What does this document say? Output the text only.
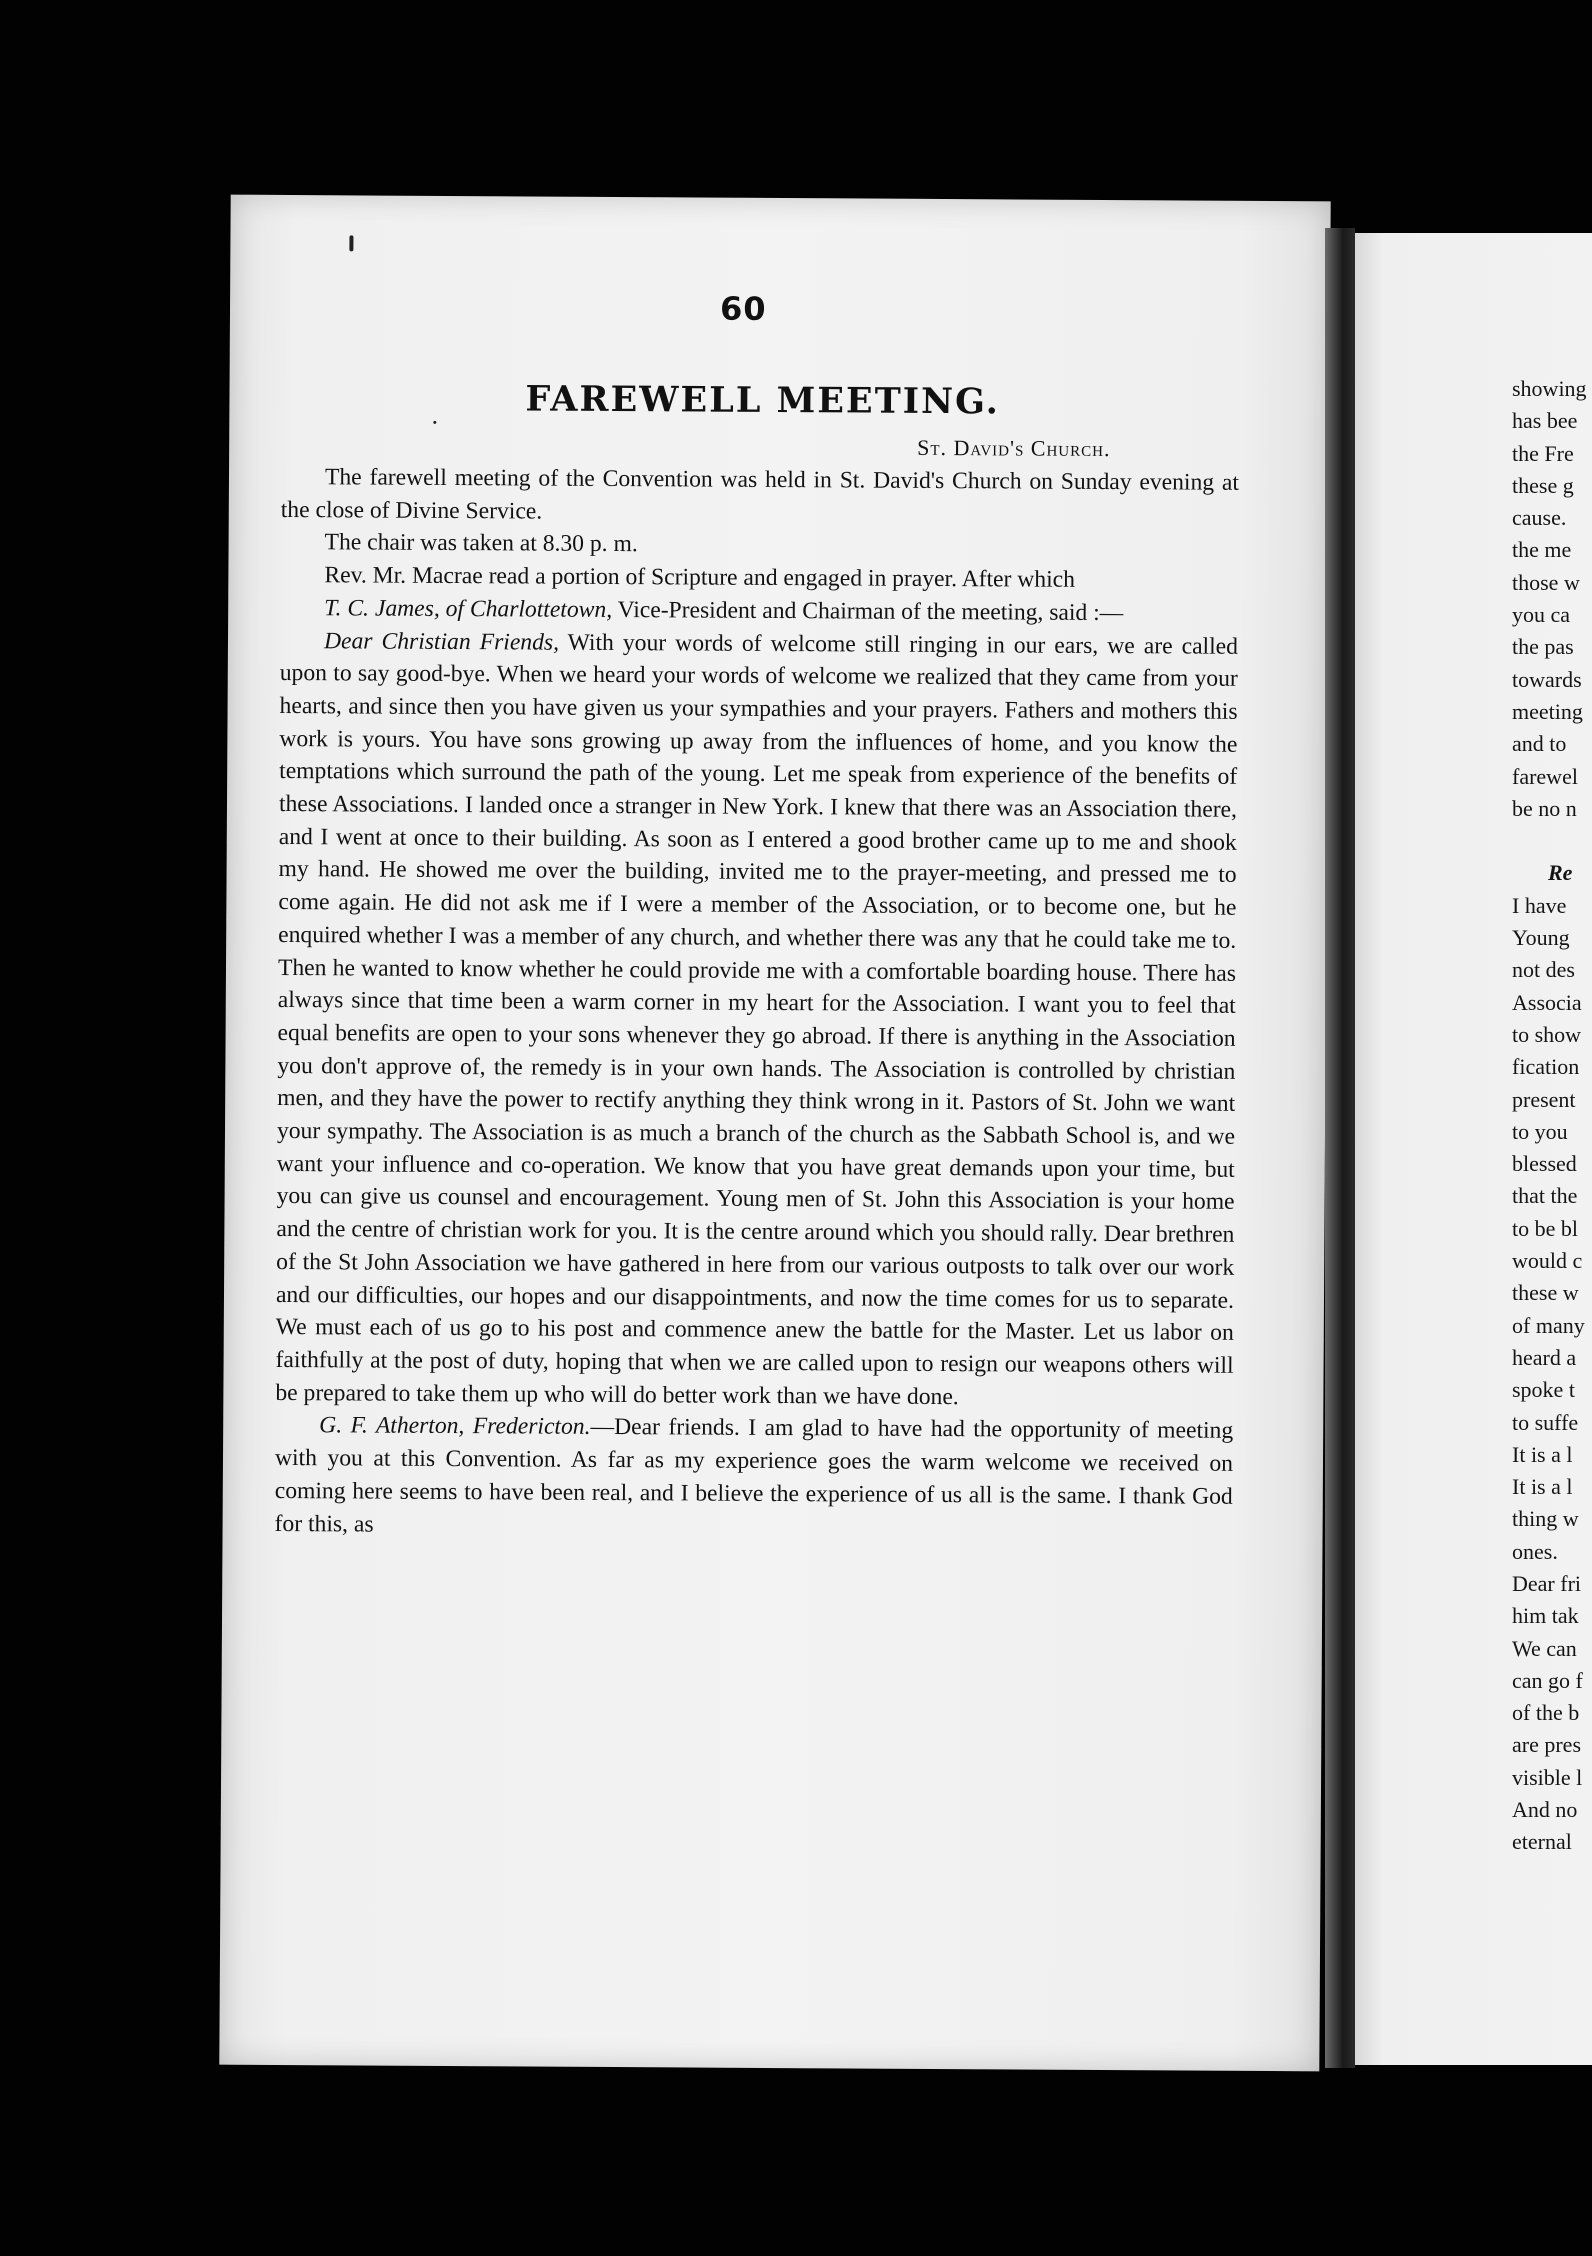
60
FAREWELL MEETING.
St. David's Church.

The farewell meeting of the Convention was held in St. David's Church on Sunday evening at the close of Divine Service.

The chair was taken at 8.30 p. m.

Rev. Mr. Macrae read a portion of Scripture and engaged in prayer. After which

T. C. James, of Charlottetown, Vice-President and Chairman of the meeting, said :—

Dear Christian Friends, With your words of welcome still ringing in our ears, we are called upon to say good-bye. When we heard your words of welcome we realized that they came from your hearts, and since then you have given us your sympathies and your prayers. Fathers and mothers this work is yours. You have sons growing up away from the influences of home, and you know the temptations which surround the path of the young. Let me speak from experience of the benefits of these Associations. I landed once a stranger in New York. I knew that there was an Association there, and I went at once to their building. As soon as I entered a good brother came up to me and shook my hand. He showed me over the building, invited me to the prayer-meeting, and pressed me to come again. He did not ask me if I were a member of the Association, or to become one, but he enquired whether I was a member of any church, and whether there was any that he could take me to. Then he wanted to know whether he could provide me with a comfortable boarding house. There has always since that time been a warm corner in my heart for the Association. I want you to feel that equal benefits are open to your sons whenever they go abroad. If there is anything in the Association you don't approve of, the remedy is in your own hands. The Association is controlled by christian men, and they have the power to rectify anything they think wrong in it. Pastors of St. John we want your sympathy. The Association is as much a branch of the church as the Sabbath School is, and we want your influence and co-operation. We know that you have great demands upon your time, but you can give us counsel and encouragement. Young men of St. John this Association is your home and the centre of christian work for you. It is the centre around which you should rally. Dear brethren of the St John Association we have gathered in here from our various outposts to talk over our work and our difficulties, our hopes and our disappointments, and now the time comes for us to separate. We must each of us go to his post and commence anew the battle for the Master. Let us labor on faithfully at the post of duty, hoping that when we are called upon to resign our weapons others will be prepared to take them up who will do better work than we have done.

G. F. Atherton, Fredericton.—Dear friends. I am glad to have had the opportunity of meeting with you at this Convention. As far as my experience goes the warm welcome we received on coming here seems to have been real, and I believe the experience of us all is the same. I thank God for this, as

showing
has bee
the Fre
these g
cause.
the me
those w
you ca
the pas
towards
meeting
and to
farewel
be no n
Re
I have
Young
not des
Associa
to show
fication
present
to you
blessed
that the
to be bl
would c
these w
of many
heard a
spoke t
to suffe
It is a l
It is a l
thing w
ones.
Dear fri
him tak
We can
can go f
of the b
are pres
visible l
And no
eternal
